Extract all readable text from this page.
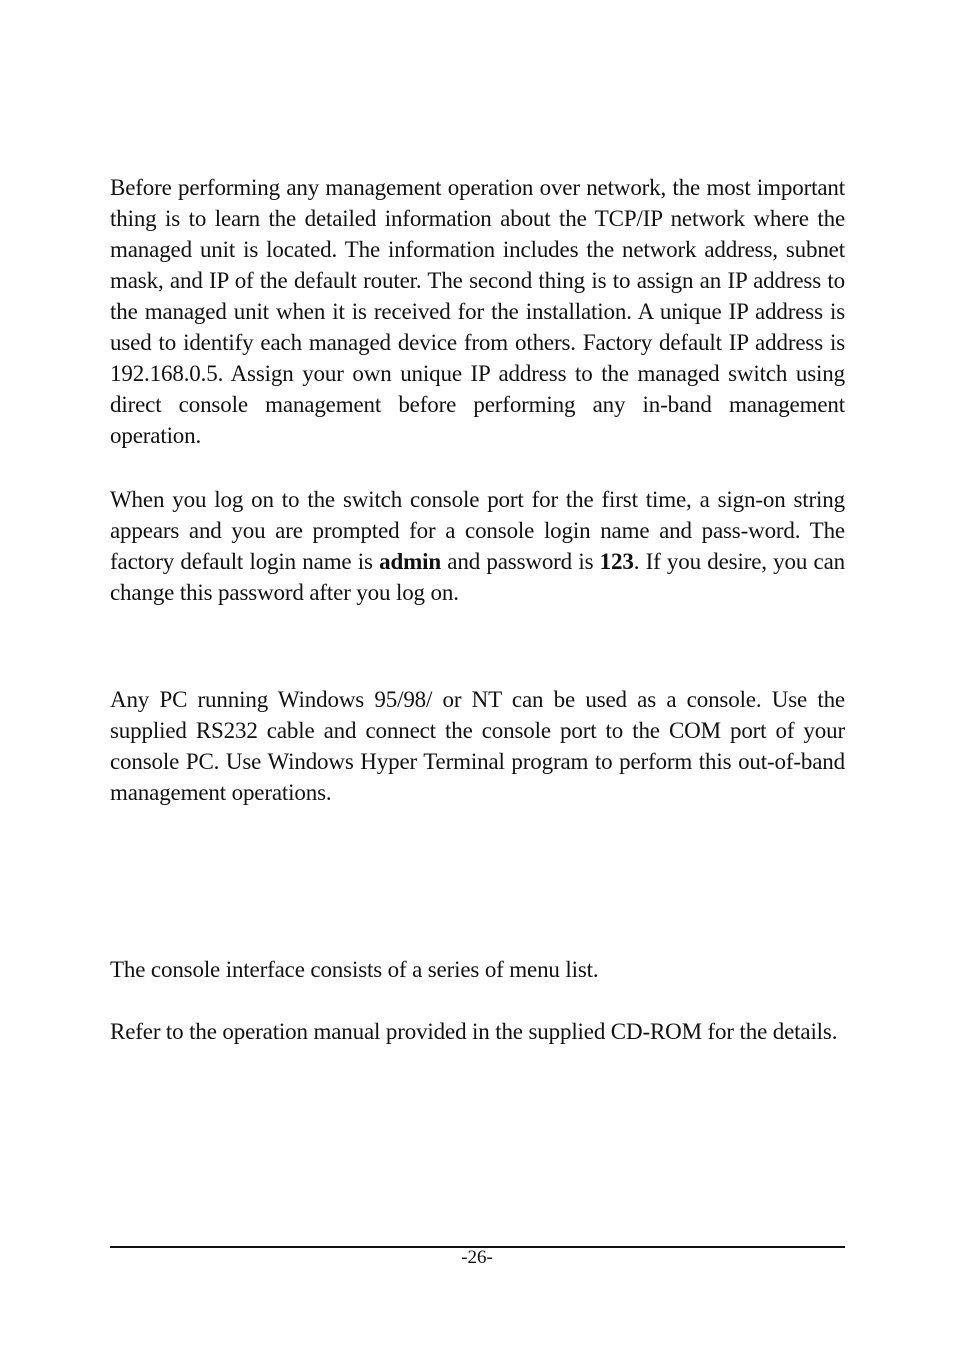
Before performing any management operation over network, the most important thing is to learn the detailed information about the TCP/IP network where the managed unit is located. The information includes the network address, subnet mask, and IP of the default router. The second thing is to assign an IP address to the managed unit when it is received for the installation. A unique IP address is used to identify each managed device from others. Factory default IP address is 192.168.0.5. Assign your own unique IP address to the managed switch using direct console management before performing any in-band management operation.

When you log on to the switch console port for the first time, a sign-on string appears and you are prompted for a console login name and pass-word. The factory default login name is admin and password is 123. If you desire, you can change this password after you log on.

Any PC running Windows 95/98/ or NT can be used as a console. Use the supplied RS232 cable and connect the console port to the COM port of your console PC. Use Windows Hyper Terminal program to perform this out-of-band management operations.

The console interface consists of a series of menu list.

Refer to the operation manual provided in the supplied CD-ROM for the details.

-26-
